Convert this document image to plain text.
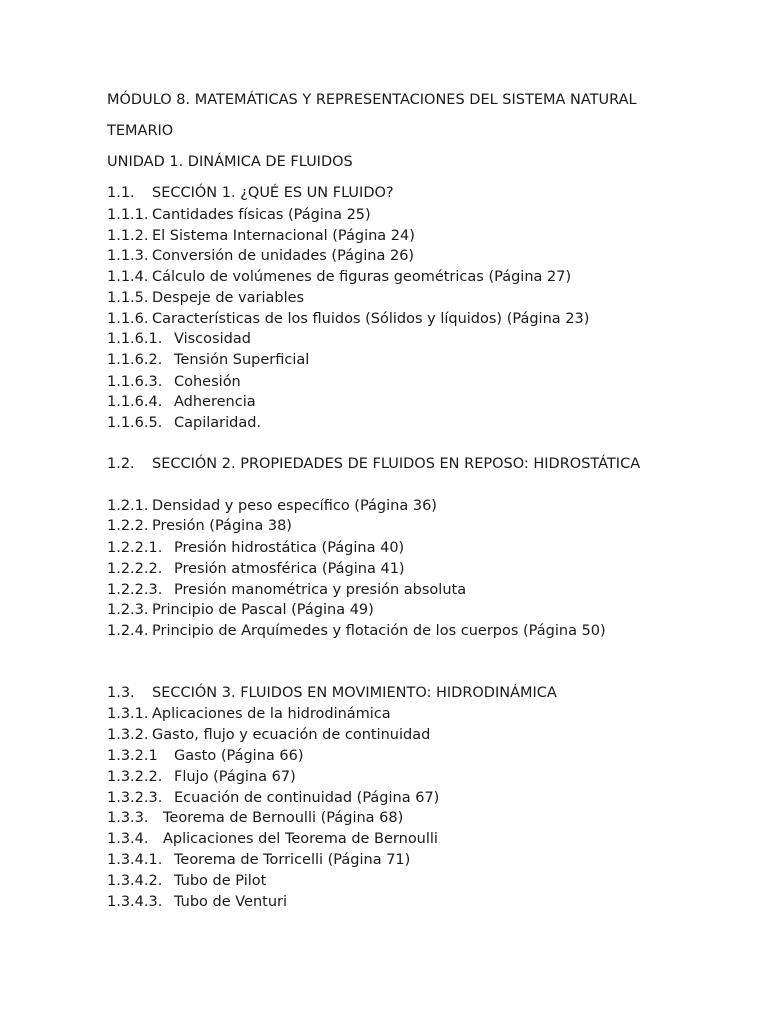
MÓDULO 8. MATEMÁTICAS Y REPRESENTACIONES DEL SISTEMA NATURAL
TEMARIO
UNIDAD 1. DINÁMICA DE FLUIDOS
1.1. SECCIÓN 1. ¿QUÉ ES UN FLUIDO?
1.1.1. Cantidades físicas (Página 25)
1.1.2. El Sistema Internacional (Página 24)
1.1.3. Conversión de unidades (Página 26)
1.1.4. Cálculo de volúmenes de figuras geométricas (Página 27)
1.1.5. Despeje de variables
1.1.6. Características de los fluidos (Sólidos y líquidos) (Página 23)
1.1.6.1. Viscosidad
1.1.6.2. Tensión Superficial
1.1.6.3. Cohesión
1.1.6.4. Adherencia
1.1.6.5. Capilaridad.
1.2. SECCIÓN 2. PROPIEDADES DE FLUIDOS EN REPOSO: HIDROSTÁTICA
1.2.1. Densidad y peso específico (Página 36)
1.2.2. Presión (Página 38)
1.2.2.1. Presión hidrostática (Página 40)
1.2.2.2. Presión atmosférica (Página 41)
1.2.2.3. Presión manométrica y presión absoluta
1.2.3. Principio de Pascal (Página 49)
1.2.4. Principio de Arquímedes y flotación de los cuerpos (Página 50)
1.3. SECCIÓN 3. FLUIDOS EN MOVIMIENTO: HIDRODINÁMICA
1.3.1. Aplicaciones de la hidrodinámica
1.3.2. Gasto, flujo y ecuación de continuidad
1.3.2.1 Gasto (Página 66)
1.3.2.2. Flujo (Página 67)
1.3.2.3. Ecuación de continuidad (Página 67)
1.3.3. Teorema de Bernoulli (Página 68)
1.3.4. Aplicaciones del Teorema de Bernoulli
1.3.4.1. Teorema de Torricelli (Página 71)
1.3.4.2. Tubo de Pilot
1.3.4.3. Tubo de Venturi
